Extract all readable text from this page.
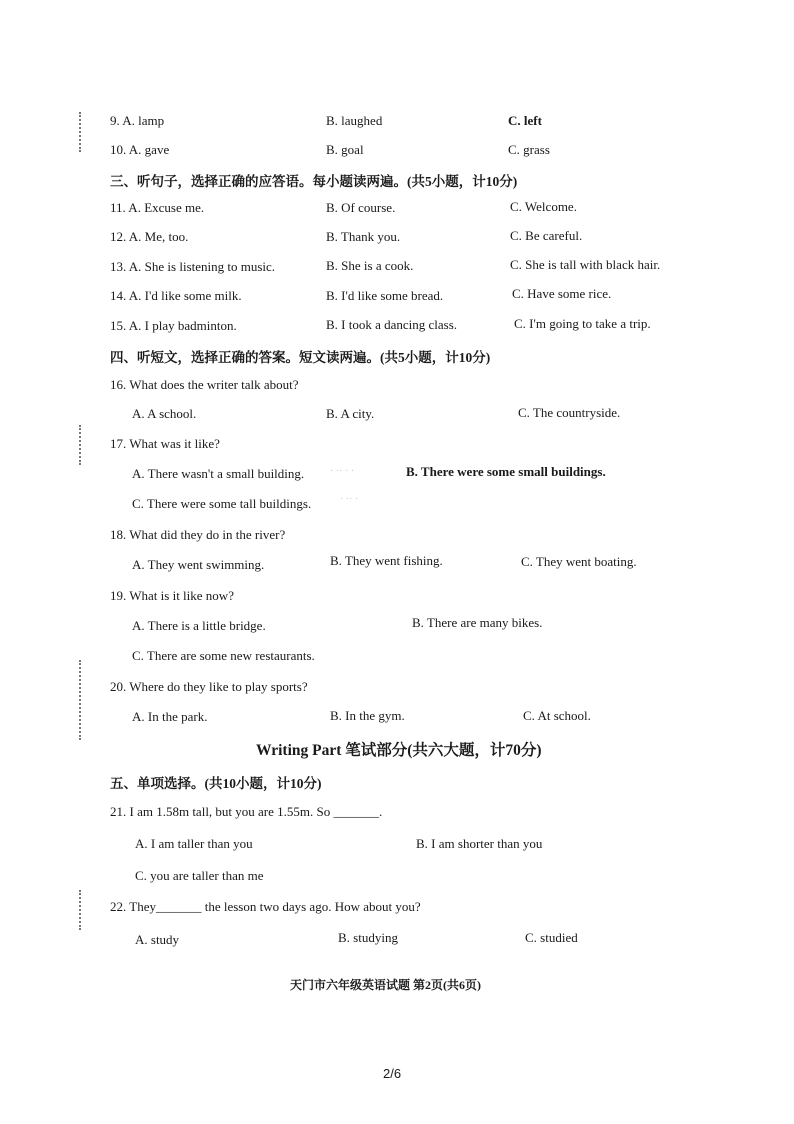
9. A. lamp	B. laughed	C. left
10. A. gave	B. goal	C. grass
三、听句子，选择正确的应答语。每小题读两遍。(共5小题，计10分)
11. A. Excuse me.	B. Of course.	C. Welcome.
12. A. Me, too.	B. Thank you.	C. Be careful.
13. A. She is listening to music.	B. She is a cook.	C. She is tall with black hair.
14. A. I'd like some milk.	B. I'd like some bread.	C. Have some rice.
15. A. I play badminton.	B. I took a dancing class.	C. I'm going to take a trip.
四、听短文，选择正确的答案。短文读两遍。(共5小题，计10分)
16. What does the writer talk about?
A. A school.	B. A city.	C. The countryside.
17. What was it like?
A. There wasn't a small building.	· ·· · ·	B. There were some small buildings.
C. There were some tall buildings.	· ·· ·
18. What did they do in the river?
A. They went swimming.	B. They went fishing.	C. They went boating.
19. What is it like now?
A. There is a little bridge.	B. There are many bikes.
C. There are some new restaurants.
20. Where do they like to play sports?
A. In the park.	B. In the gym.	C. At school.
Writing Part 笔试部分(共六大题，计70分)
五、单项选择。(共10小题，计10分)
21. I am 1.58m tall, but you are 1.55m. So _______.
A. I am taller than you	B. I am shorter than you
C. you are taller than me
22. They_______ the lesson two days ago. How about you?
A. study	B. studying	C. studied
天门市六年级英语试题 第2页(共6页)
2/6
